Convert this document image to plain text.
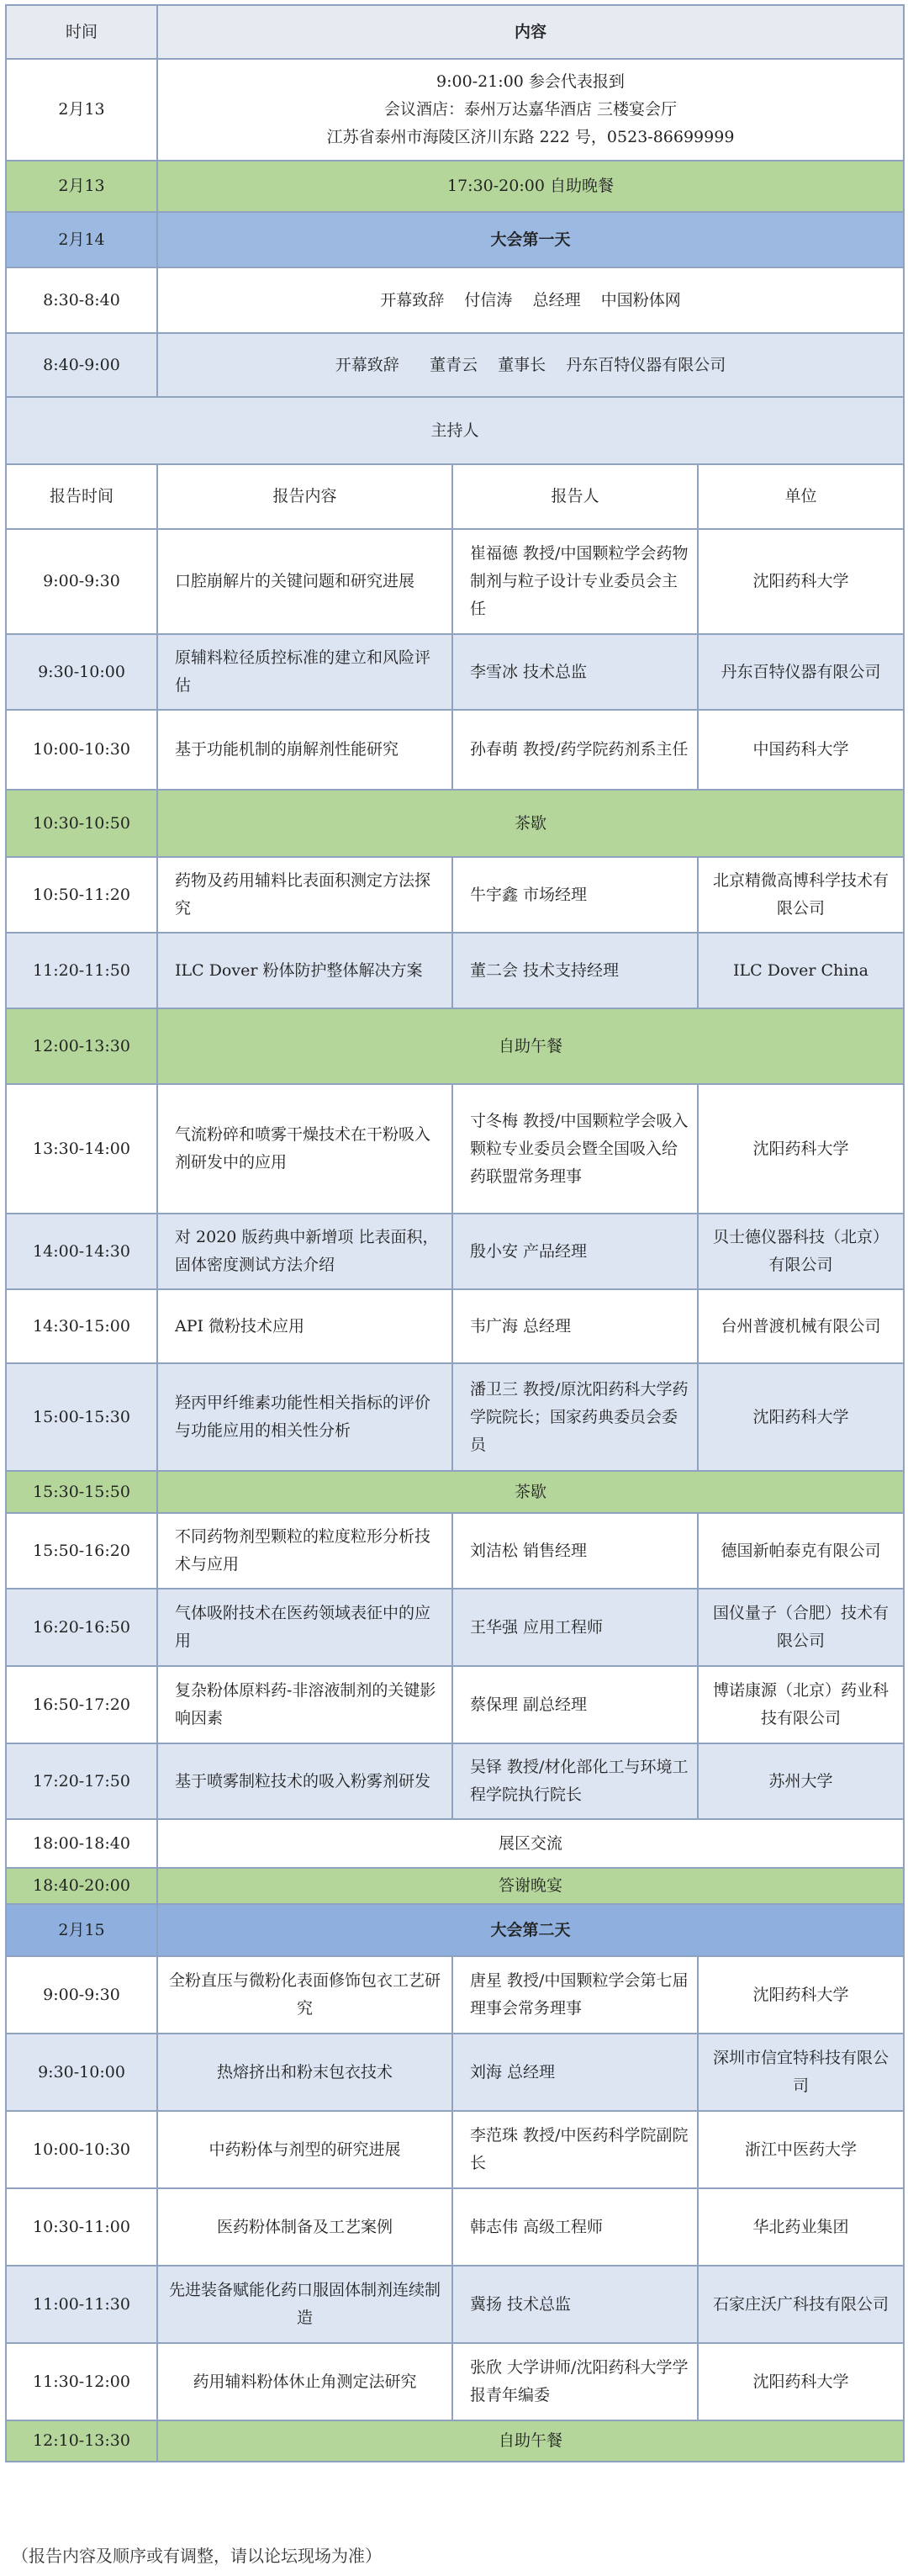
时间	内容		
2月13	9:00-21:00 参会代表报到
会议酒店：泰州万达嘉华酒店 三楼宴会厅
江苏省泰州市海陵区济川东路 222 号，0523-86699999		

2月13	17:30-20:00 自助晚餐		
2月14	大会第一天		
8:30-8:40	开幕致辞    付信涛    总经理    中国粉体网		
8:40-9:00	开幕致辞      董青云    董事长    丹东百特仪器有限公司		
主持人			
报告时间	报告内容	报告人	单位
9:00-9:30	口腔崩解片的关键问题和研究进展	崔福德 教授/中国颗粒学会药物制剂与粒子设计专业委员会主任	沈阳药科大学
9:30-10:00	原辅料粒径质控标准的建立和风险评估	李雪冰 技术总监	丹东百特仪器有限公司
10:00-10:30	基于功能机制的崩解剂性能研究	孙春萌 教授/药学院药剂系主任	中国药科大学
10:30-10:50	茶歇		
10:50-11:20	药物及药用辅料比表面积测定方法探究	牛宇鑫 市场经理	北京精微高博科学技术有限公司
11:20-11:50	ILC Dover 粉体防护整体解决方案	董二会 技术支持经理	ILC Dover China
12:00-13:30	自助午餐		
13:30-14:00	气流粉碎和喷雾干燥技术在干粉吸入剂研发中的应用	寸冬梅 教授/中国颗粒学会吸入颗粒专业委员会暨全国吸入给药联盟常务理事	沈阳药科大学
14:00-14:30	对 2020 版药典中新增项 比表面积，固体密度测试方法介绍	殷小安 产品经理	贝士德仪器科技（北京）有限公司
14:30-15:00	API 微粉技术应用	韦广海 总经理	台州普渡机械有限公司
15:00-15:30	羟丙甲纤维素功能性相关指标的评价与功能应用的相关性分析	潘卫三 教授/原沈阳药科大学药学院院长；国家药典委员会委员	沈阳药科大学
15:30-15:50	茶歇		
15:50-16:20	不同药物剂型颗粒的粒度粒形分析技术与应用	刘洁松 销售经理	德国新帕泰克有限公司
16:20-16:50	气体吸附技术在医药领域表征中的应用	王华强 应用工程师	国仪量子（合肥）技术有限公司
16:50-17:20	复杂粉体原料药-非溶液制剂的关键影响因素	蔡保理 副总经理	博诺康源（北京）药业科技有限公司
17:20-17:50	基于喷雾制粒技术的吸入粉雾剂研发	吴铎 教授/材化部化工与环境工程学院执行院长	苏州大学
18:00-18:40	展区交流		
18:40-20:00	答谢晚宴		
2月15	大会第二天		
9:00-9:30	全粉直压与微粉化表面修饰包衣工艺研究	唐星 教授/中国颗粒学会第七届理事会常务理事	沈阳药科大学
9:30-10:00	热熔挤出和粉末包衣技术	刘海 总经理	深圳市信宜特科技有限公司
10:00-10:30	中药粉体与剂型的研究进展	李范珠 教授/中医药科学院副院长	浙江中医药大学
10:30-11:00	医药粉体制备及工艺案例	韩志伟 高级工程师	华北药业集团
11:00-11:30	先进装备赋能化药口服固体制剂连续制造	冀扬 技术总监	石家庄沃广科技有限公司
11:30-12:00	药用辅料粉体休止角测定法研究	张欣 大学讲师/沈阳药科大学学报青年编委	沈阳药科大学
12:10-13:30	自助午餐		
（报告内容及顺序或有调整，请以论坛现场为准）
